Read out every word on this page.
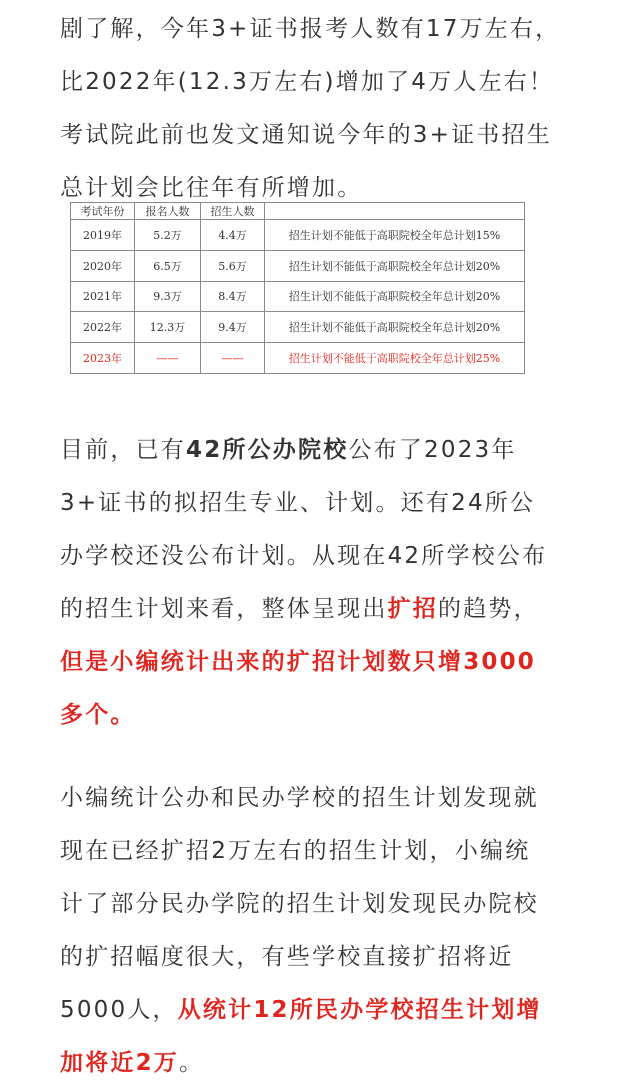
剧了解，今年3+证书报考人数有17万左右，
比2022年(12.3万左右)增加了4万人左右！
考试院此前也发文通知说今年的3+证书招生
总计划会比往年有所增加。
考试年份	报名人数	招生人数	
2019年	5.2万	4.4万	招生计划不能低于高职院校全年总计划15%
2020年	6.5万	5.6万	招生计划不能低于高职院校全年总计划20%
2021年	9.3万	8.4万	招生计划不能低于高职院校全年总计划20%
2022年	12.3万	9.4万	招生计划不能低于高职院校全年总计划20%
2023年	——	——	招生计划不能低于高职院校全年总计划25%
目前，已有42所公办院校公布了2023年
3+证书的拟招生专业、计划。还有24所公
办学校还没公布计划。从现在42所学校公布
的招生计划来看，整体呈现出扩招的趋势，
但是小编统计出来的扩招计划数只增3000
多个。
小编统计公办和民办学校的招生计划发现就
现在已经扩招2万左右的招生计划，小编统
计了部分民办学院的招生计划发现民办院校
的扩招幅度很大，有些学校直接扩招将近
5000人，从统计12所民办学校招生计划增
加将近2万。
